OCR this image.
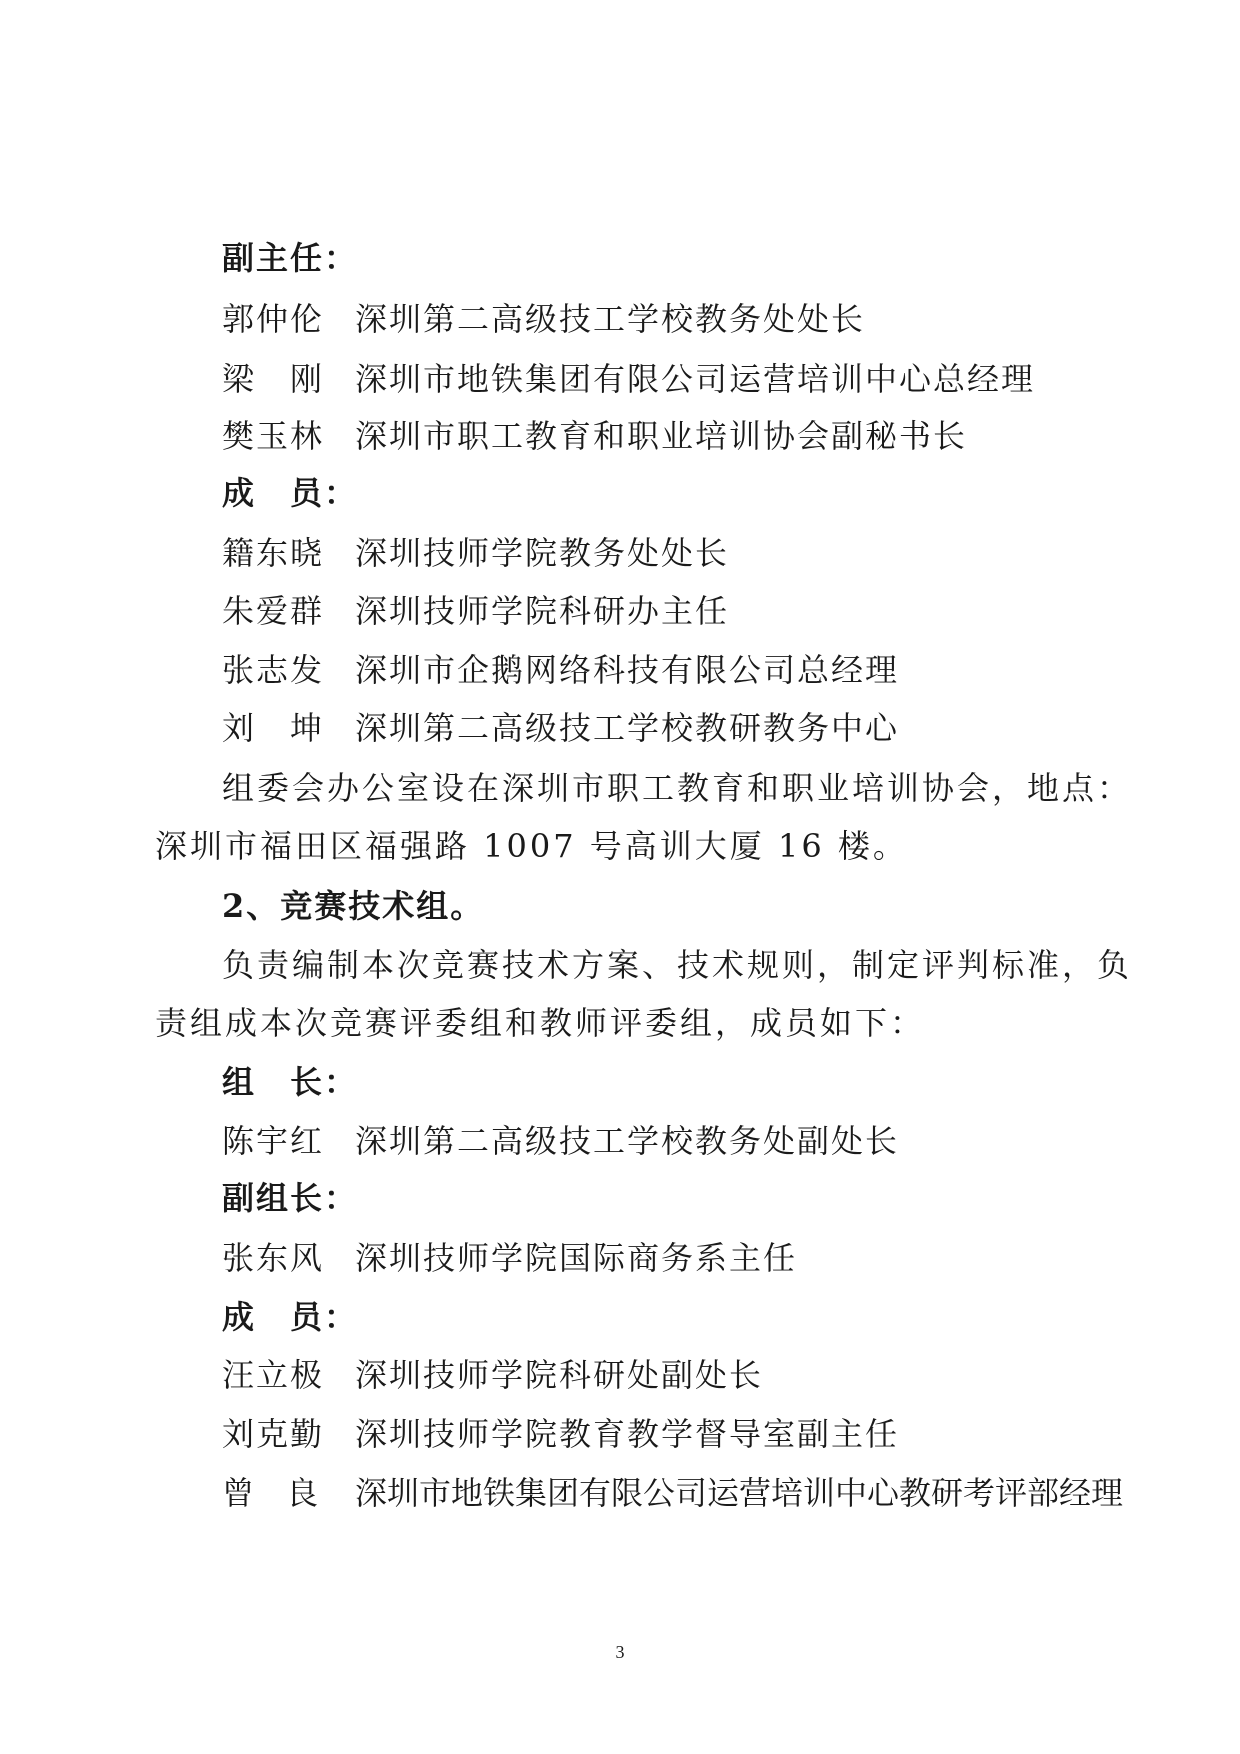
副主任：
郭仲伦 深圳第二高级技工学校教务处处长
梁　刚 深圳市地铁集团有限公司运营培训中心总经理
樊玉林 深圳市职工教育和职业培训协会副秘书长
成　员：
籍东晓 深圳技师学院教务处处长
朱爱群 深圳技师学院科研办主任
张志发 深圳市企鹅网络科技有限公司总经理
刘　坤 深圳第二高级技工学校教研教务中心
组委会办公室设在深圳市职工教育和职业培训协会，地点：
深圳市福田区福强路 1007 号高训大厦 16 楼。
2、竞赛技术组。
负责编制本次竞赛技术方案、技术规则，制定评判标准，负
责组成本次竞赛评委组和教师评委组，成员如下：
组　长：
陈宇红 深圳第二高级技工学校教务处副处长
副组长：
张东风 深圳技师学院国际商务系主任
成　员：
汪立极 深圳技师学院科研处副处长
刘克勤 深圳技师学院教育教学督导室副主任
曾　良 深圳市地铁集团有限公司运营培训中心教研考评部经理
3
